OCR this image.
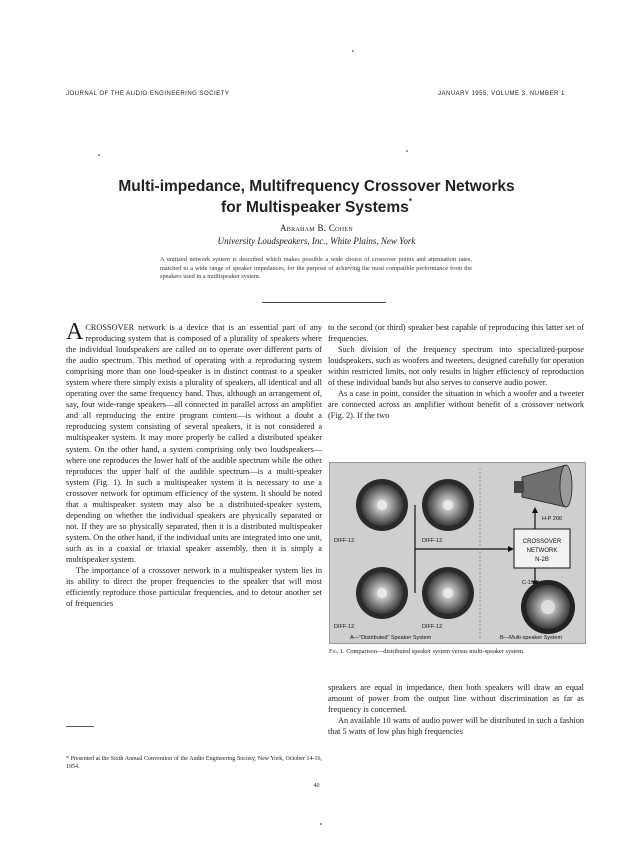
JOURNAL OF THE AUDIO ENGINEERING SOCIETY	JANUARY 1955, VOLUME 3, NUMBER 1
Multi-impedance, Multifrequency Crossover Networks
for Multispeaker Systems*
Abraham B. Cohen
University Loudspeakers, Inc., White Plains, New York
A unitized network system is described which makes possible a wide choice of crossover points and attenuation rates, matched to a wide range of speaker impedances, for the purpose of achieving the most compatible performance from the speakers used in a multispeaker system.
A CROSSOVER network is a device that is an essential part of any reproducing system that is composed of a plurality of speakers where the individual loudspeakers are called on to operate over different parts of the audio spectrum. This method of operating with a reproducing system comprising more than one loud-speaker is in distinct contrast to a speaker system where there simply exists a plurality of speakers, all identical and all operating over the same frequency band. Thus, although an arrangement of, say, four wide-range speakers—all connected in parallel across an amplifier and all reproducing the entire program content—is without a doubt a reproducing system consisting of several speakers, it is not considered a multispeaker system. It may more properly be called a distributed speaker system. On the other hand, a system comprising only two loudspeakers—where one reproduces the lower half of the audible spectrum while the other reproduces the upper half of the audible spectrum—is a multi-speaker system (Fig. 1). In such a multispeaker system it is necessary to use a crossover network for optimum efficiency of the system. It should be noted that a multispeaker system may also be a distributed-speaker system, depending on whether the individual speakers are physically separated or not. If they are so physically separated, then it is a distributed multispeaker system. On the other hand, if the individual units are integrated into one unit, such as in a coaxial or triaxial speaker assembly, then it is simply a multispeaker system.

The importance of a crossover network in a multispeaker system lies in its ability to direct the proper frequencies to the speaker that will most efficiently reproduce those particular frequencies, and to detour another set of frequencies

to the second (or third) speaker best capable of reproducing this latter set of frequencies.

Such division of the frequency spectrum into specialized-purpose loudspeakers, such as woofers and tweeters, designed carefully for operation within restricted limits, not only results in higher efficiency of reproduction of these individual bands but also serves to conserve audio power.

As a case in point, consider the situation in which a woofer and a tweeter are connected across an amplifier without benefit of a crossover network (Fig. 2). If the two

DIFF-12	DIFF-12
DIFF-12	DIFF-12
H-P 206
CROSSOVER
NETWORK
N-2B
C-15W
A—"Distributed" Speaker System	B—Multi-speaker System
Fig. 1. Comparison—distributed speaker system versus multi-speaker system.

speakers are equal in impedance, then both speakers will draw an equal amount of power from the output line without discrimination as far as frequency is concerned.

An available 10 watts of audio power will be distributed in such a fashion that 5 watts of low plus high frequencies

* Presented at the Sixth Annual Convention of the Audio Engineering Society, New York, October 14-16, 1954.
40
